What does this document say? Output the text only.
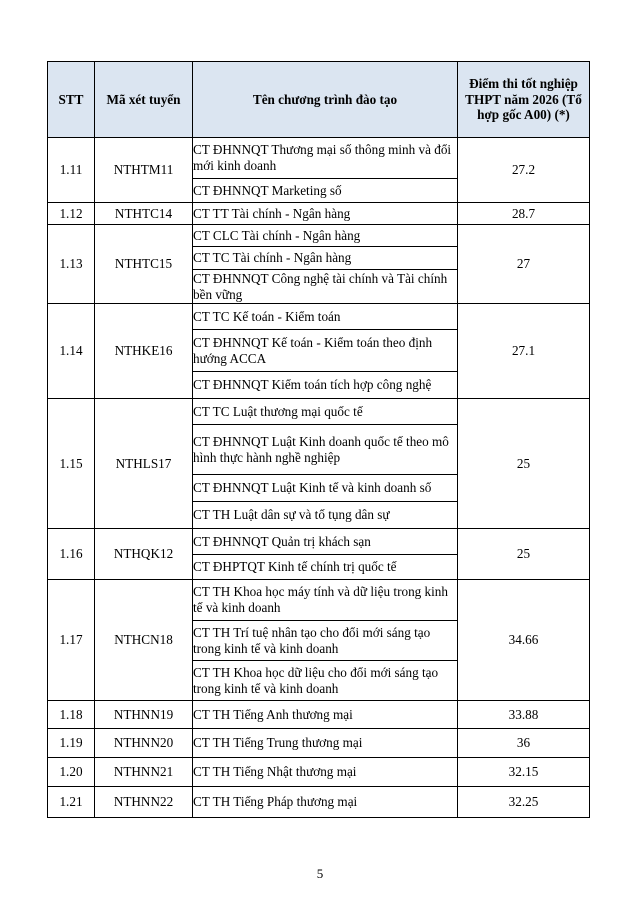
STT	Mã xét tuyển	Tên chương trình đào tạo	Điểm thi tốt nghiệp THPT năm 2026 (Tổ hợp gốc A00) (*)
1.11	NTHTM11	CT ĐHNNQT Thương mại số thông minh và đổi mới kinh doanh	27.2
		CT ĐHNNQT Marketing số	
1.12	NTHTC14	CT TT Tài chính - Ngân hàng	28.7
1.13	NTHTC15	CT CLC Tài chính - Ngân hàng	27
		CT TC Tài chính - Ngân hàng	
		CT ĐHNNQT Công nghệ tài chính và Tài chính bền vững	
1.14	NTHKE16	CT TC Kế toán - Kiểm toán	27.1
		CT ĐHNNQT Kế toán - Kiểm toán theo định hướng ACCA	
		CT ĐHNNQT Kiểm toán tích hợp công nghệ	
1.15	NTHLS17	CT TC Luật thương mại quốc tế	25
		CT ĐHNNQT Luật Kinh doanh quốc tế theo mô hình thực hành nghề nghiệp	
		CT ĐHNNQT Luật Kinh tế và kinh doanh số	
		CT TH Luật dân sự và tố tụng dân sự	
1.16	NTHQK12	CT ĐHNNQT Quản trị khách sạn	25
		CT ĐHPTQT Kinh tế chính trị quốc tế	
1.17	NTHCN18	CT TH Khoa học máy tính và dữ liệu trong kinh tế và kinh doanh	34.66
		CT TH Trí tuệ nhân tạo cho đổi mới sáng tạo trong kinh tế và kinh doanh	
		CT TH Khoa học dữ liệu cho đổi mới sáng tạo trong kinh tế và kinh doanh	
1.18	NTHNN19	CT TH Tiếng Anh thương mại	33.88
1.19	NTHNN20	CT TH Tiếng Trung thương mại	36
1.20	NTHNN21	CT TH Tiếng Nhật thương mại	32.15
1.21	NTHNN22	CT TH Tiếng Pháp thương mại	32.25
5
